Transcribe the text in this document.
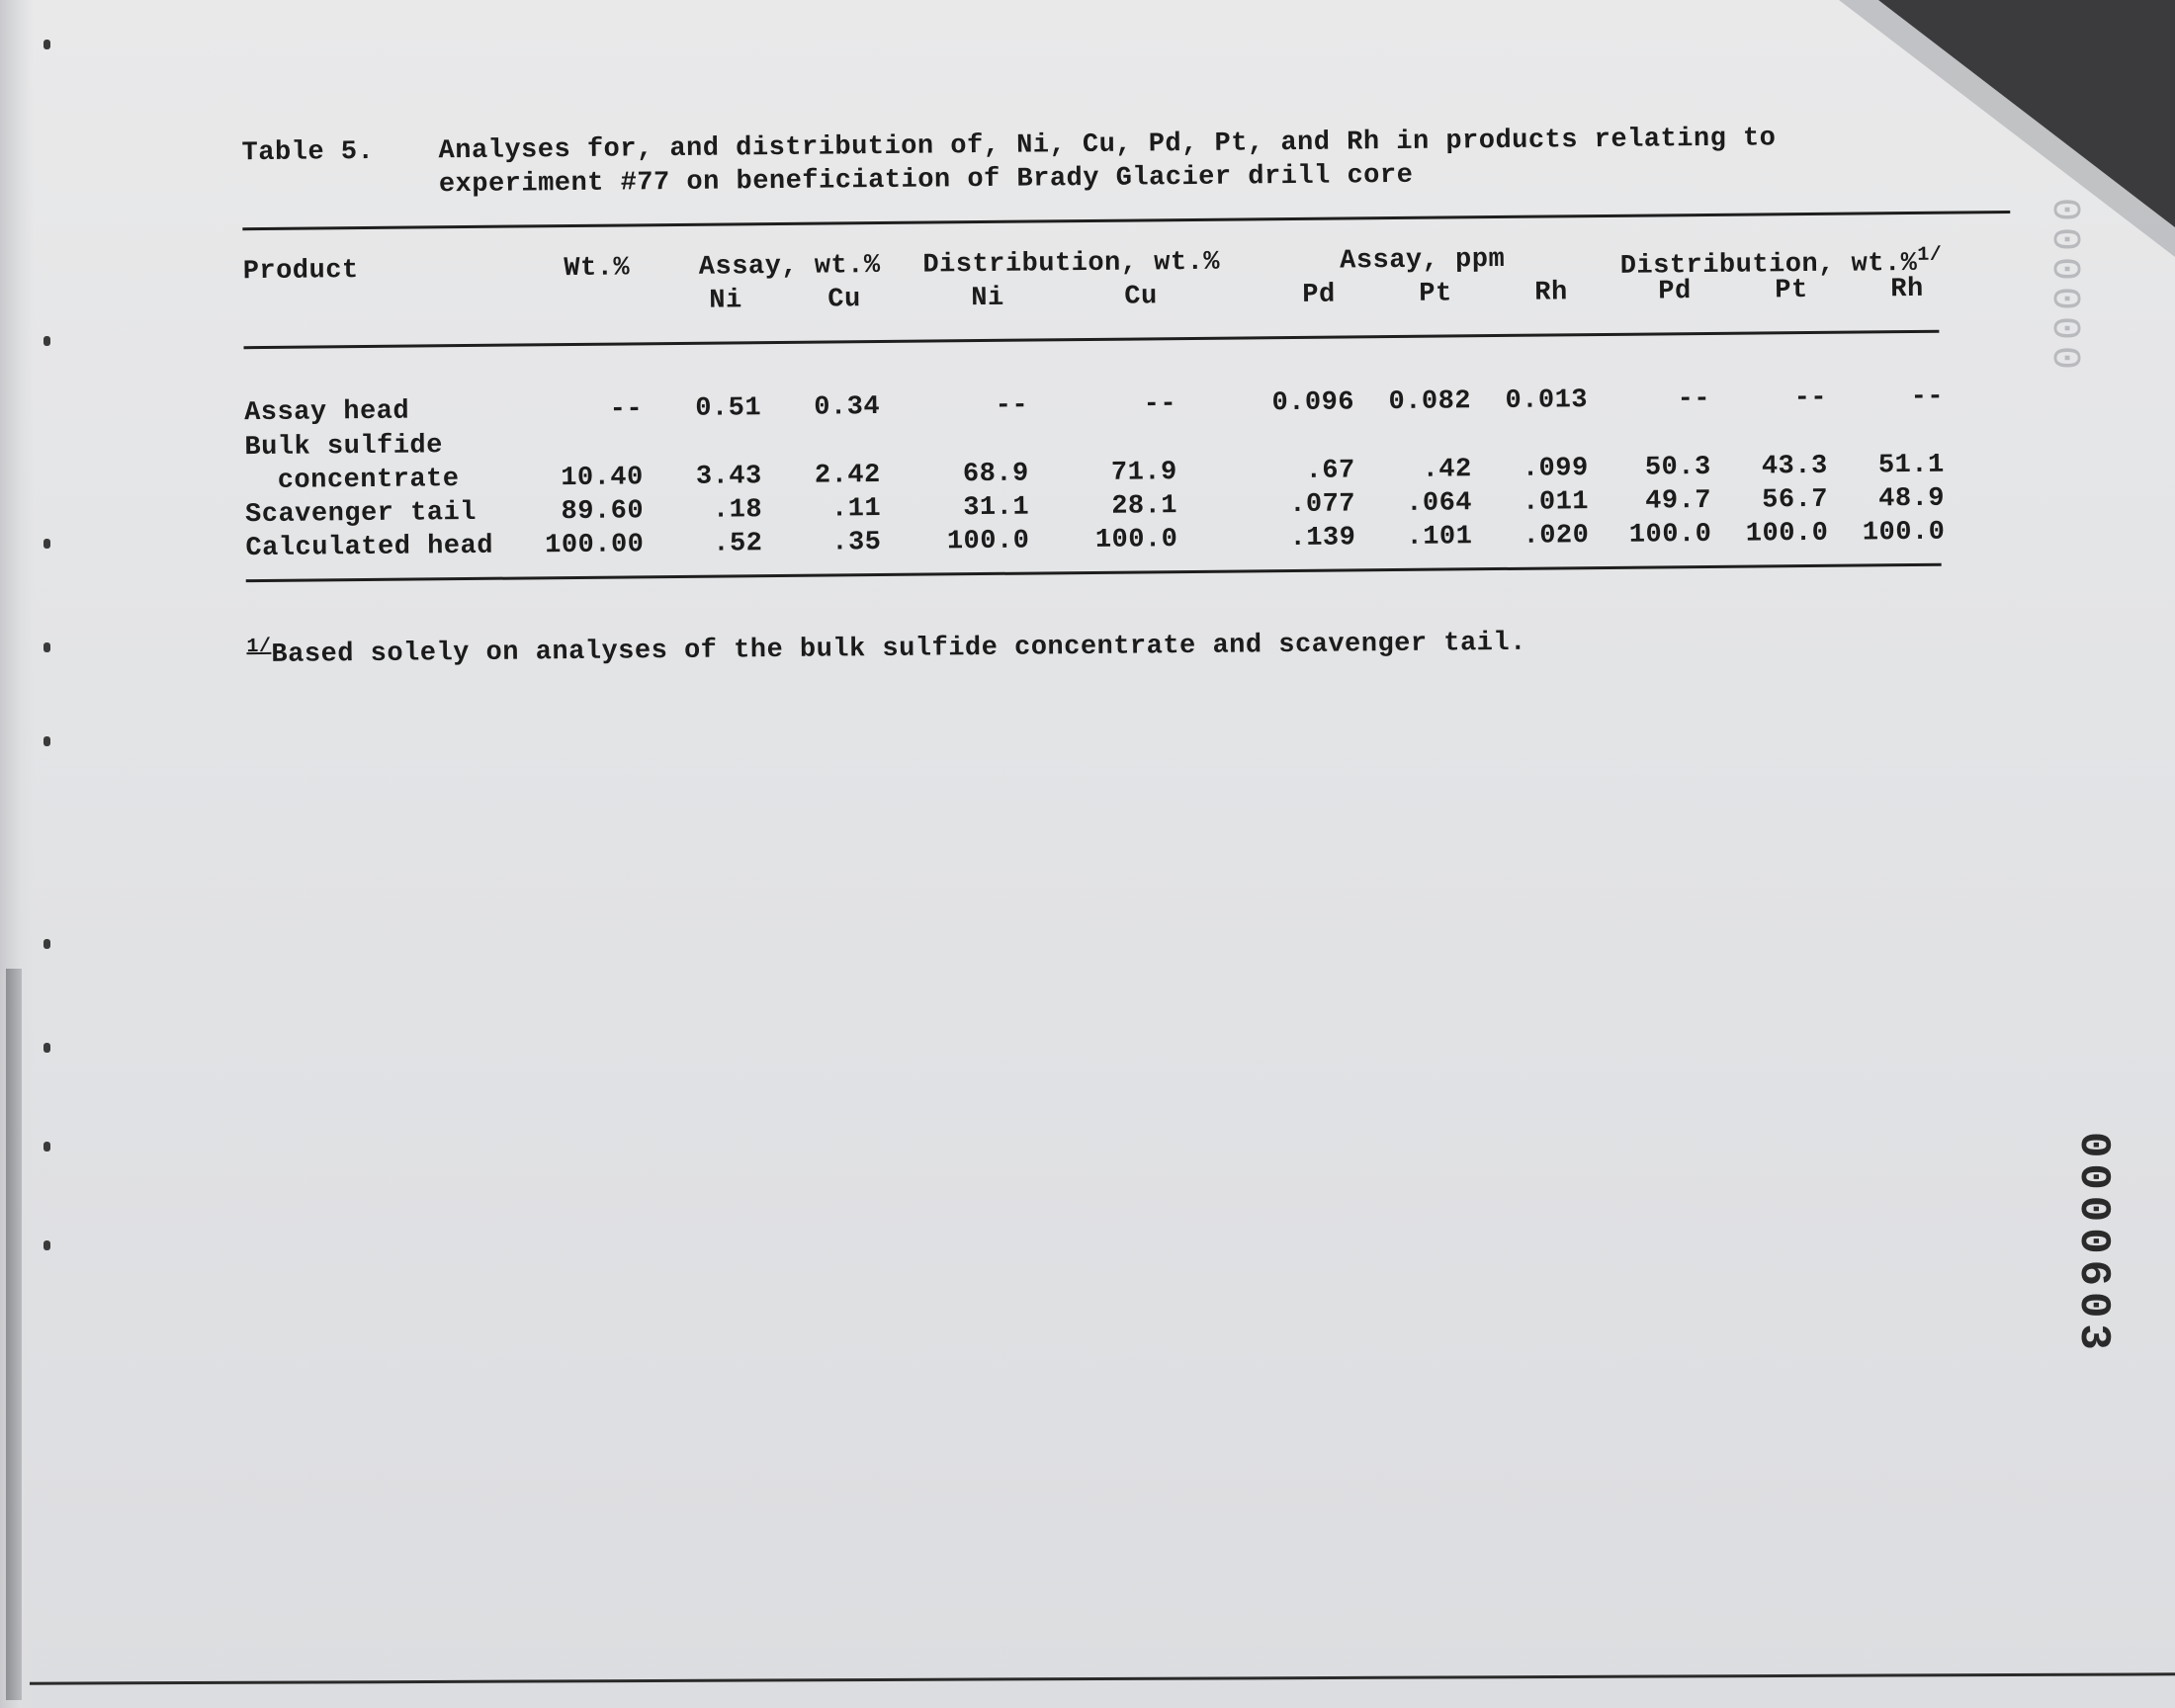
000000
0000603
Table 5. Analyses for, and distribution of, Ni, Cu, Pd, Pt, and Rh in products relating to
experiment #77 on beneficiation of Brady Glacier drill core
Product	Wt.%	Assay, wt.%	Distribution, wt.%	Assay, ppm	Distribution, wt.%$^{1/}$
Ni	Cu	Ni	Cu	Pd	Pt	Rh	Pd	Pt	Rh
Assay head	--	0.51	0.34	--	--	0.096	0.082	0.013	--	--	--
Bulk sulfide
concentrate	10.40	3.43	2.42	68.9	71.9	.67	.42	.099	50.3	43.3	51.1
Scavenger tail	89.60	.18	.11	31.1	28.1	.077	.064	.011	49.7	56.7	48.9
Calculated head	100.00	.52	.35	100.0	100.0	.139	.101	.020	100.0	100.0	100.0
$^{1/}$Based solely on analyses of the bulk sulfide concentrate and scavenger tail.
